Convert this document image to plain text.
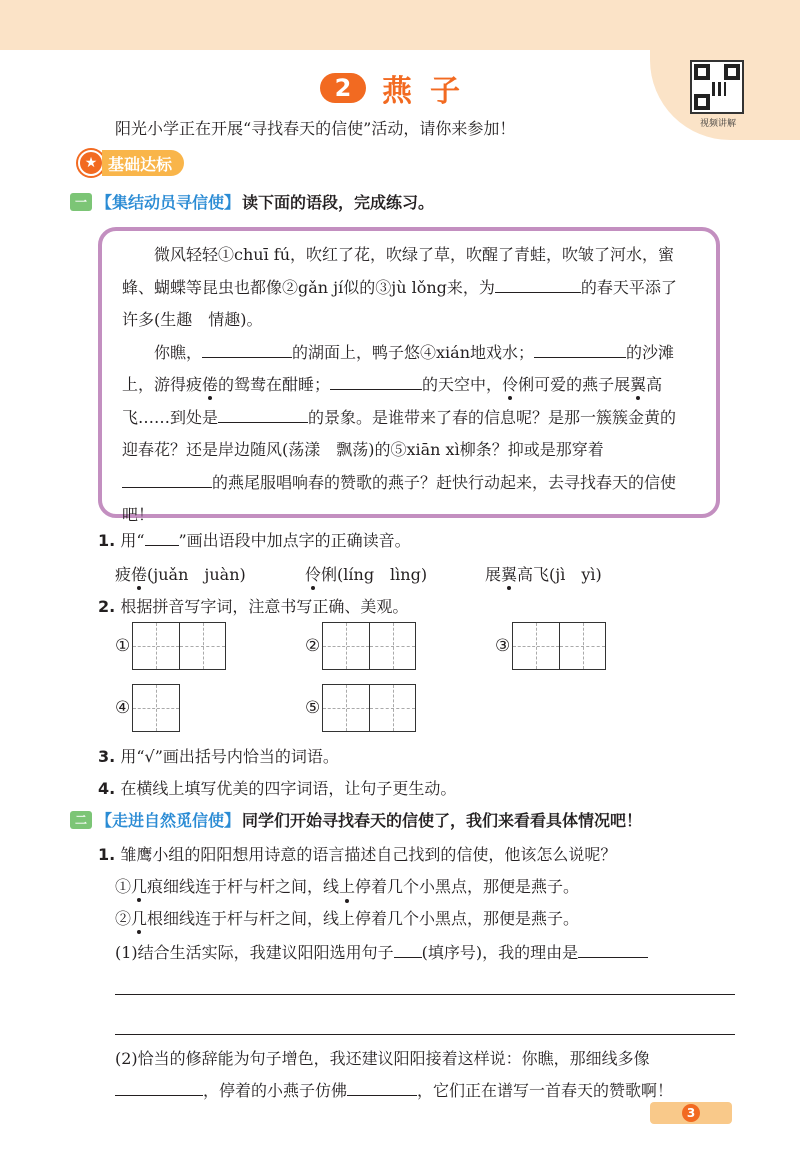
2	燕子
视频讲解
阳光小学正在开展“寻找春天的信使”活动，请你来参加！
★ 基础达标
一 【集结动员寻信使】 读下面的语段，完成练习。

微风轻轻①chuī fú，吹红了花，吹绿了草，吹醒了青蛙，吹皱了河水，蜜蜂、蝴蝶等昆虫也都像②gǎn jí似的③jù lǒng来，为	的春天平添了许多(生趣　情趣)。

你瞧，	的湖面上，鸭子悠④xián地戏水；	的沙滩上，游得疲倦的鸳鸯在酣睡；	的天空中，伶俐可爱的燕子展翼高飞……到处是	的景象。是谁带来了春的信息呢？是那一簇簇金黄的迎春花？还是岸边随风(荡漾　飘荡)的⑤xiān xì柳条？抑或是那穿着的燕尾服唱响春的赞歌的燕子？赶快行动起来，去寻找春天的信使吧！

1. 用“ ”画出语段中加点字的正确读音。
疲倦(juǎn　juàn)	伶俐(líng　lìng)	展翼高飞(jì　yì)
2. 根据拼音写字词，注意书写正确、美观。
①	②	③
④	⑤
3. 用“√”画出括号内恰当的词语。
4. 在横线上填写优美的四字词语，让句子更生动。
二 【走进自然觅信使】 同学们开始寻找春天的信使了，我们来看看具体情况吧！
1. 雏鹰小组的阳阳想用诗意的语言描述自己找到的信使，他该怎么说呢？
①几痕细线连于杆与杆之间，线上停着几个小黑点，那便是燕子。
②几根细线连于杆与杆之间，线上停着几个小黑点，那便是燕子。
(1)结合生活实际，我建议阳阳选用句子 (填序号)，我的理由是
(2)恰当的修辞能为句子增色，我还建议阳阳接着这样说：你瞧，那细线多像
，停着的小燕子仿佛	，它们正在谱写一首春天的赞歌啊！
3
